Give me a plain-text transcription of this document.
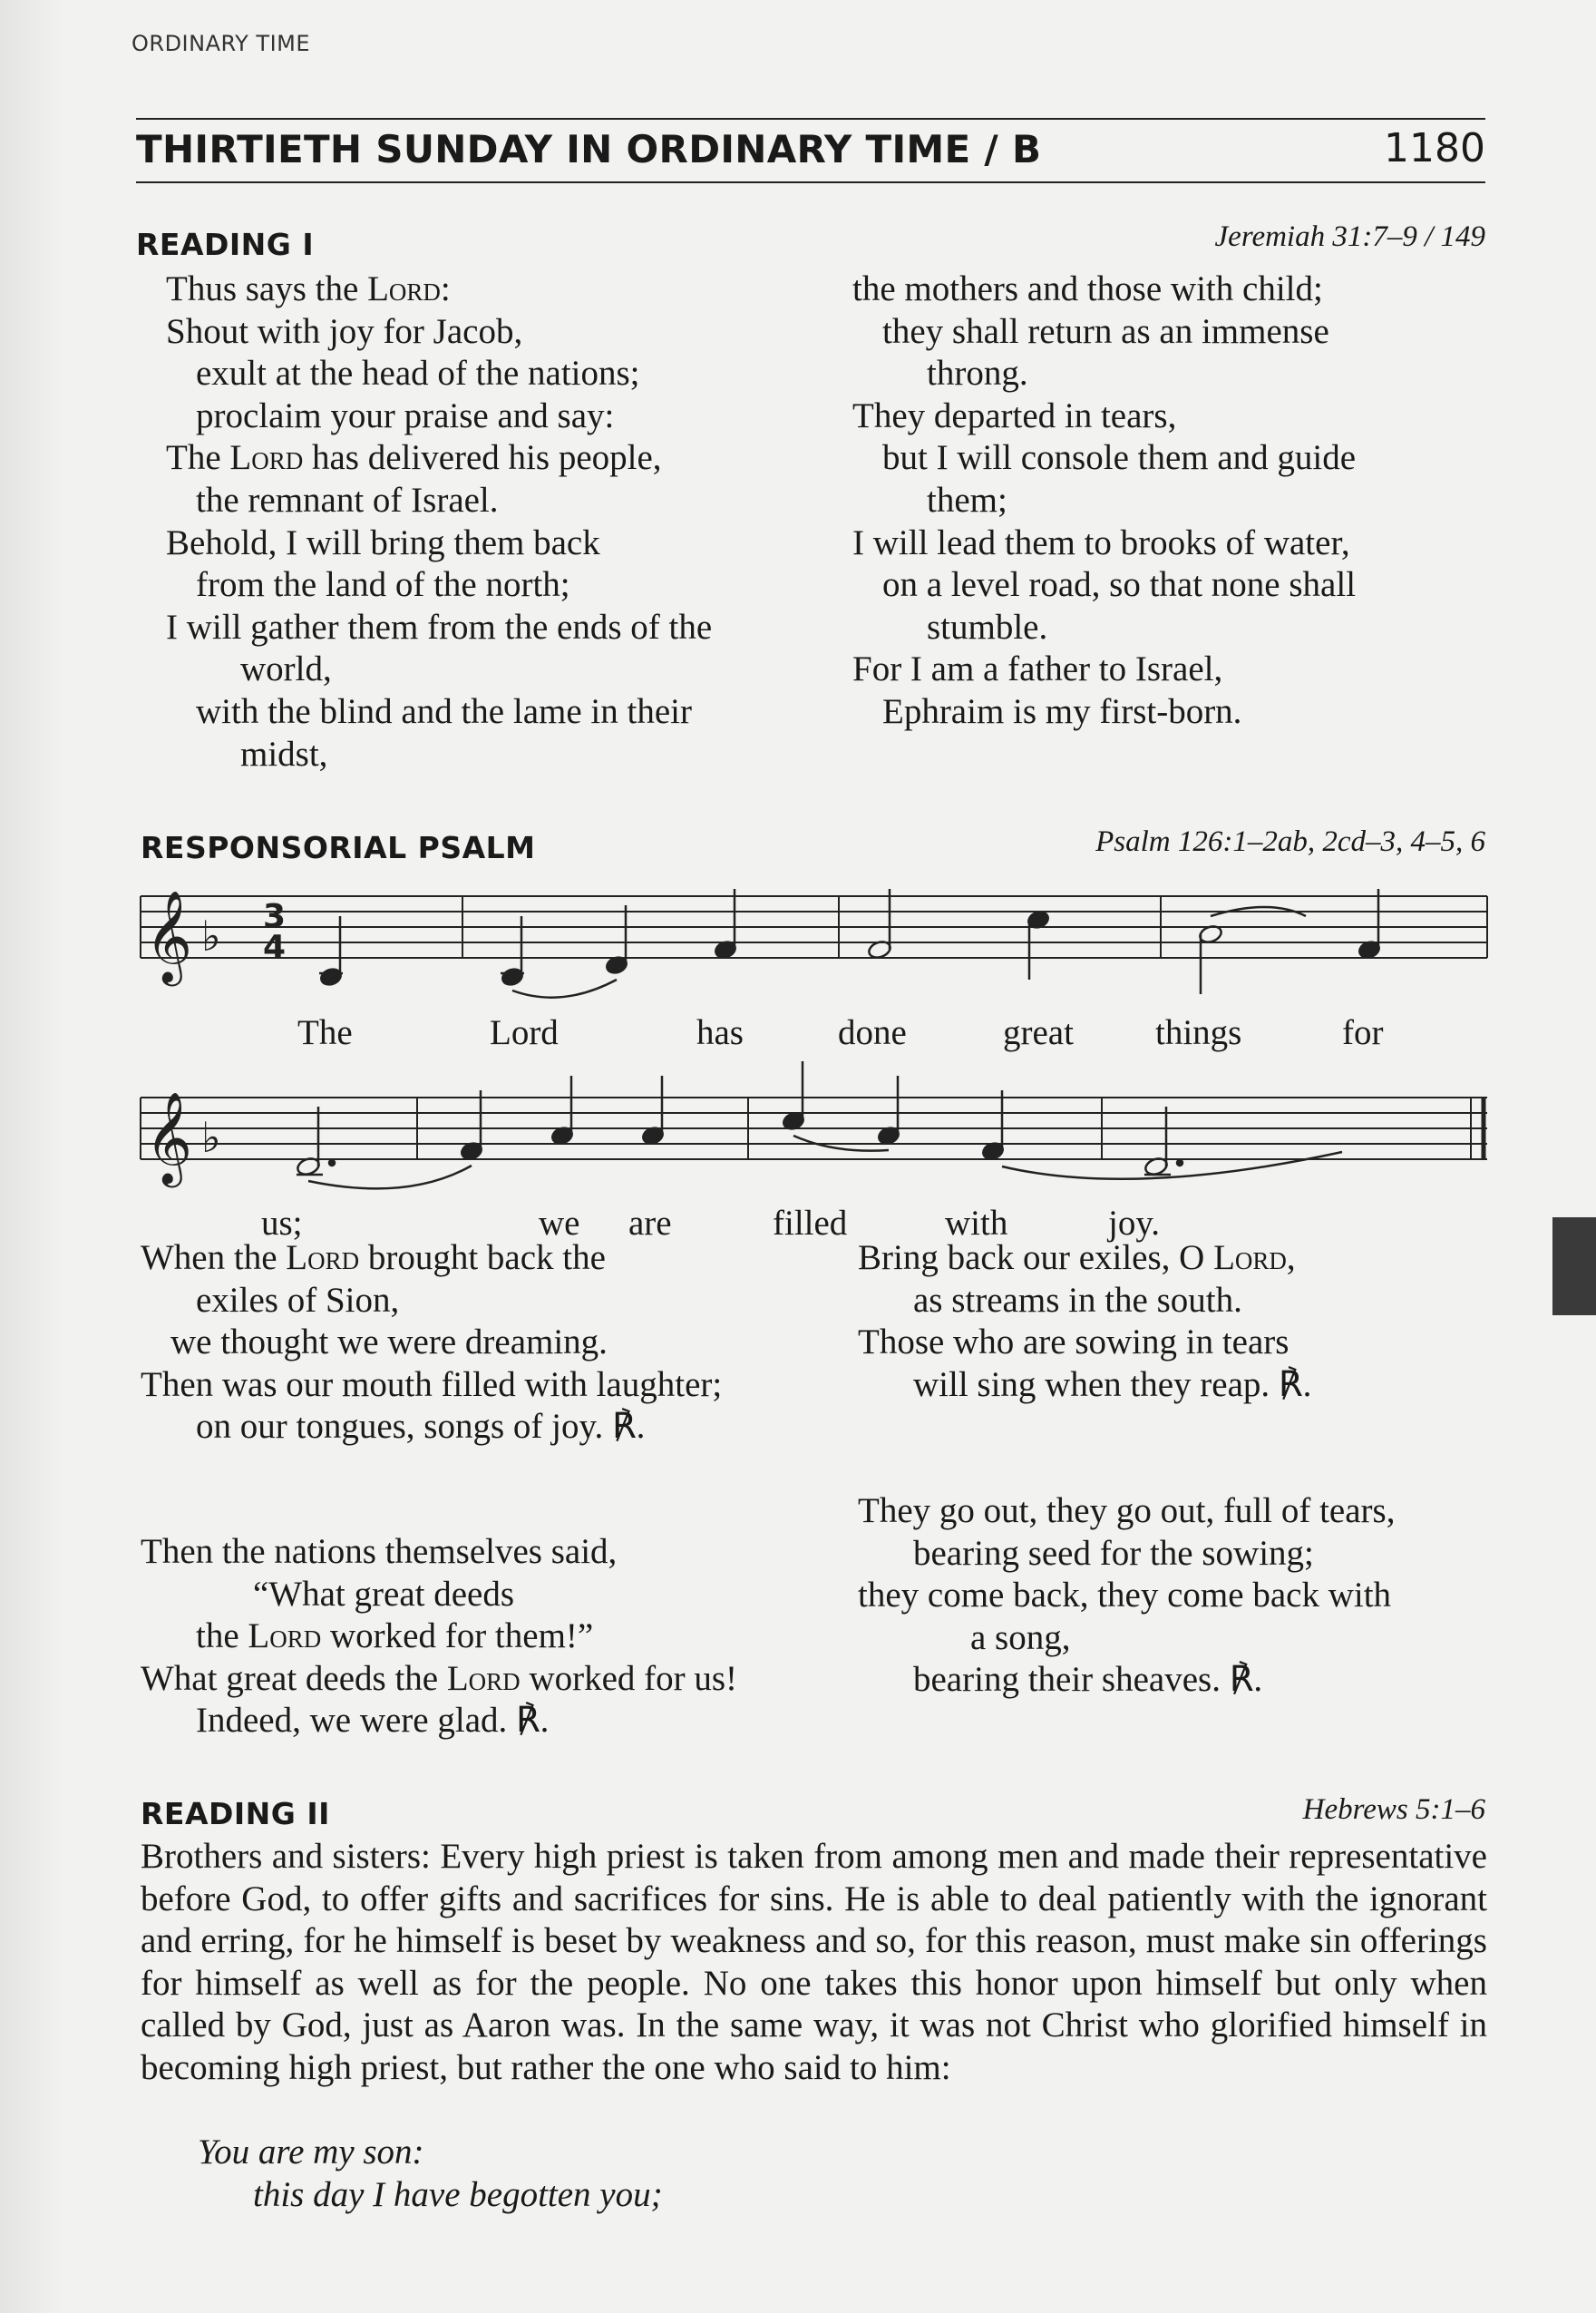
ORDINARY TIME
THIRTIETH SUNDAY IN ORDINARY TIME / B	1180
READING I	Jeremiah 31:7–9 / 149
Thus says the Lord:
Shout with joy for Jacob,
exult at the head of the nations;
proclaim your praise and say:
The Lord has delivered his people,
the remnant of Israel.
Behold, I will bring them back
from the land of the north;
I will gather them from the ends of the
world,
with the blind and the lame in their
midst,
the mothers and those with child;
they shall return as an immense
throng.
They departed in tears,
but I will console them and guide
them;
I will lead them to brooks of water,
on a level road, so that none shall
stumble.
For I am a father to Israel,
Ephraim is my first-born.
RESPONSORIAL PSALM	Psalm 126:1–2ab, 2cd–3, 4–5, 6
𝄞 ♭ 3
4
𝄞 ♭
The	Lord	has	done	great things	for
us;	we are	filled	with	joy.
When the Lord brought back the
exiles of Sion,
we thought we were dreaming.
Then was our mouth filled with laughter;
on our tongues, songs of joy. ℟.
Then the nations themselves said,
“What great deeds
the Lord worked for them!”
What great deeds the Lord worked for us!
Indeed, we were glad. ℟.
Bring back our exiles, O Lord,
as streams in the south.
Those who are sowing in tears
will sing when they reap. ℟.
They go out, they go out, full of tears,
bearing seed for the sowing;
they come back, they come back with
a song,
bearing their sheaves. ℟.
READING II	Hebrews 5:1–6
Brothers and sisters: Every high priest is taken from among men and made their representative before God, to offer gifts and sacrifices for sins. He is able to deal patiently with the ignorant and erring, for he himself is beset by weakness and so, for this reason, must make sin offerings for himself as well as for the people. No one takes this honor upon himself but only when called by God, just as Aaron was. In the same way, it was not Christ who glorified himself in becoming high priest, but rather the one who said to him:
You are my son:
this day I have begotten you;
